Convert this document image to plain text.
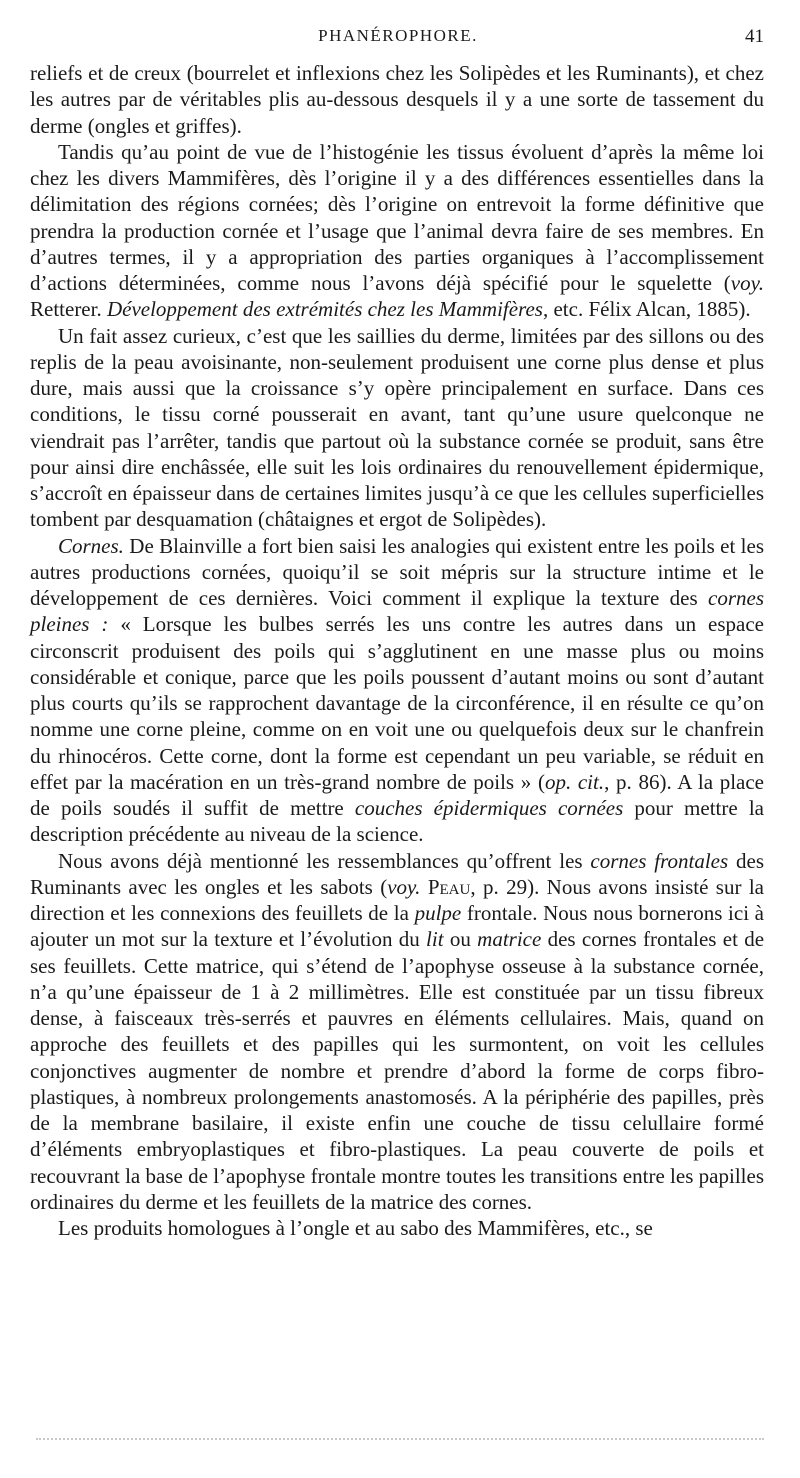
PHANÉROPHORE.	41

reliefs et de creux (bourrelet et inflexions chez les Solipèdes et les Ruminants), et chez les autres par de véritables plis au-dessous desquels il y a une sorte de tassement du derme (ongles et griffes).

Tandis qu’au point de vue de l’histogénie les tissus évoluent d’après la même loi chez les divers Mammifères, dès l’origine il y a des différences essentielles dans la délimitation des régions cornées; dès l’origine on entrevoit la forme définitive que prendra la production cornée et l’usage que l’animal devra faire de ses membres. En d’autres termes, il y a appropriation des parties organiques à l’accomplissement d’actions déterminées, comme nous l’avons déjà spécifié pour le squelette (voy. Retterer. Développement des extrémités chez les Mammifères, etc. Félix Alcan, 1885).

Un fait assez curieux, c’est que les saillies du derme, limitées par des sillons ou des replis de la peau avoisinante, non-seulement produisent une corne plus dense et plus dure, mais aussi que la croissance s’y opère principalement en surface. Dans ces conditions, le tissu corné pousserait en avant, tant qu’une usure quelconque ne viendrait pas l’arrêter, tandis que partout où la substance cornée se produit, sans être pour ainsi dire enchâssée, elle suit les lois ordinaires du renouvellement épidermique, s’accroît en épaisseur dans de certaines limites jusqu’à ce que les cellules superficielles tombent par desquamation (châtaignes et ergot de Solipèdes).

Cornes. De Blainville a fort bien saisi les analogies qui existent entre les poils et les autres productions cornées, quoiqu’il se soit mépris sur la structure intime et le développement de ces dernières. Voici comment il explique la texture des cornes pleines : « Lorsque les bulbes serrés les uns contre les autres dans un espace circonscrit produisent des poils qui s’agglutinent en une masse plus ou moins considérable et conique, parce que les poils poussent d’autant moins ou sont d’autant plus courts qu’ils se rapprochent davantage de la circonférence, il en résulte ce qu’on nomme une corne pleine, comme on en voit une ou quelquefois deux sur le chanfrein du rhinocéros. Cette corne, dont la forme est cependant un peu variable, se réduit en effet par la macération en un très-grand nombre de poils » (op. cit., p. 86). A la place de poils soudés il suffit de mettre couches épidermiques cornées pour mettre la description précédente au niveau de la science.

Nous avons déjà mentionné les ressemblances qu’offrent les cornes frontales des Ruminants avec les ongles et les sabots (voy. Peau, p. 29). Nous avons insisté sur la direction et les connexions des feuillets de la pulpe frontale. Nous nous bornerons ici à ajouter un mot sur la texture et l’évolution du lit ou matrice des cornes frontales et de ses feuillets. Cette matrice, qui s’étend de l’apophyse osseuse à la substance cornée, n’a qu’une épaisseur de 1 à 2 millimètres. Elle est constituée par un tissu fibreux dense, à faisceaux très-serrés et pauvres en éléments cellulaires. Mais, quand on approche des feuillets et des papilles qui les surmontent, on voit les cellules conjonctives augmenter de nombre et prendre d’abord la forme de corps fibro-plastiques, à nombreux prolongements anastomosés. A la périphérie des papilles, près de la membrane basilaire, il existe enfin une couche de tissu celullaire formé d’éléments embryoplastiques et fibro-plastiques. La peau couverte de poils et recouvrant la base de l’apophyse frontale montre toutes les transitions entre les papilles ordinaires du derme et les feuillets de la matrice des cornes.

Les produits homologues à l’ongle et au sabo des Mammifères, etc., se
